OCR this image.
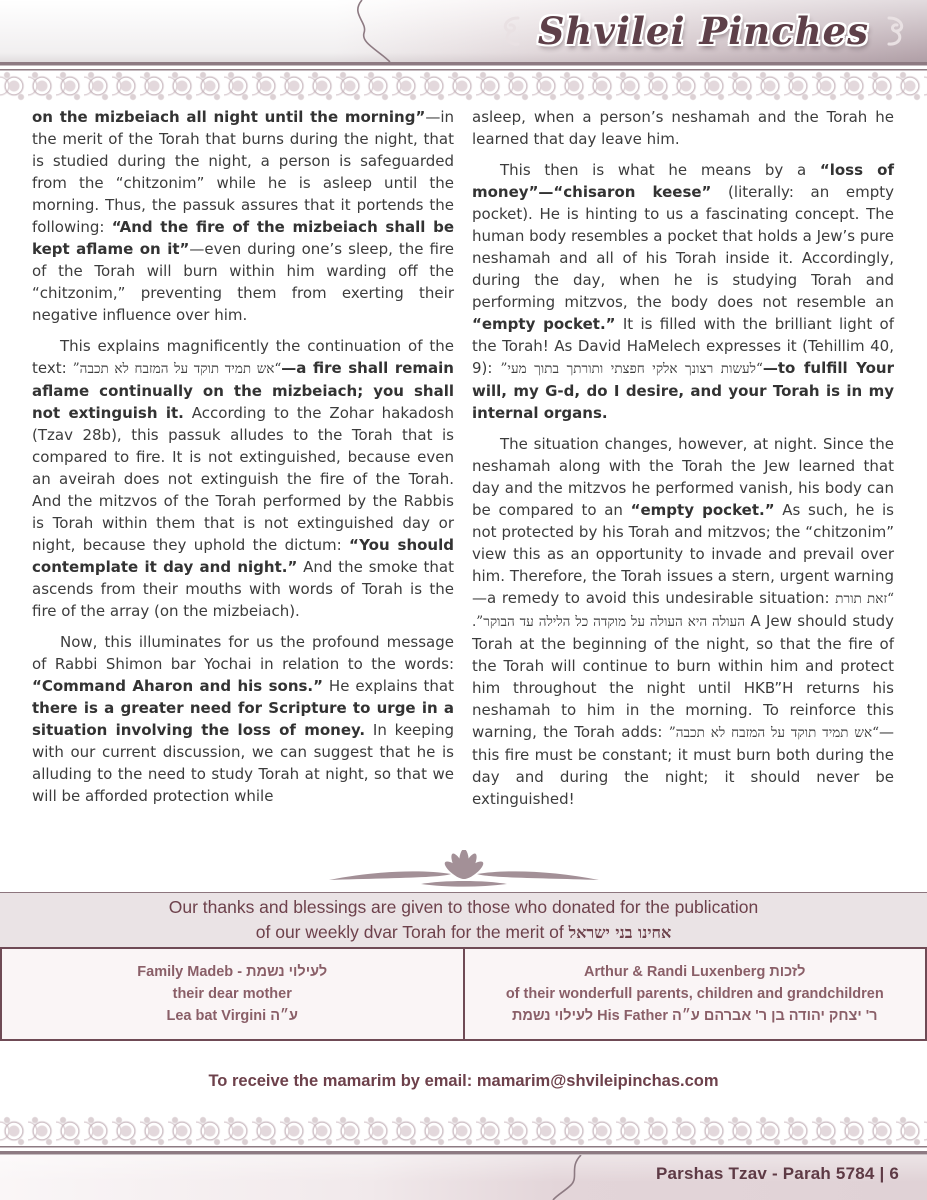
Shvilei Pinches

on the mizbeiach all night until the morning”—in the merit of the Torah that burns during the night, that is studied during the night, a person is safeguarded from the “chitzonim” while he is asleep until the morning. Thus, the passuk assures that it portends the following: “And the fire of the mizbeiach shall be kept aflame on it”—even during one’s sleep, the fire of the Torah will burn within him warding off the “chitzonim,” preventing them from exerting their negative influence over him.

This explains magnificently the continuation of the text: “אש תמיד תוקד על המזבח לא תכבה”—a fire shall remain aflame continually on the mizbeiach; you shall not extinguish it. According to the Zohar hakadosh (Tzav 28b), this passuk alludes to the Torah that is compared to fire. It is not extinguished, because even an aveirah does not extinguish the fire of the Torah. And the mitzvos of the Torah performed by the Rabbis is Torah within them that is not extinguished day or night, because they uphold the dictum: “You should contemplate it day and night.” And the smoke that ascends from their mouths with words of Torah is the fire of the array (on the mizbeiach).

Now, this illuminates for us the profound message of Rabbi Shimon bar Yochai in relation to the words: “Command Aharon and his sons.” He explains that there is a greater need for Scripture to urge in a situation involving the loss of money. In keeping with our current discussion, we can suggest that he is alluding to the need to study Torah at night, so that we will be afforded protection while

asleep, when a person’s neshamah and the Torah he learned that day leave him.

This then is what he means by a “loss of money”—“chisaron keese” (literally: an empty pocket). He is hinting to us a fascinating concept. The human body resembles a pocket that holds a Jew’s pure neshamah and all of his Torah inside it. Accordingly, during the day, when he is studying Torah and performing mitzvos, the body does not resemble an “empty pocket.” It is filled with the brilliant light of the Torah! As David HaMelech expresses it (Tehillim 40, 9): “לעשות רצונך אלקי חפצתי ותורתך בתוך מעי”—to fulfill Your will, my G-d, do I desire, and your Torah is in my internal organs.

The situation changes, however, at night. Since the neshamah along with the Torah the Jew learned that day and the mitzvos he performed vanish, his body can be compared to an “empty pocket.” As such, he is not protected by his Torah and mitzvos; the “chitzonim” view this as an opportunity to invade and prevail over him. Therefore, the Torah issues a stern, urgent warning—a remedy to avoid this undesirable situation: “זאת תורת העולה היא העולה על מוקדה כל הלילה עד הבוקר”. A Jew should study Torah at the beginning of the night, so that the fire of the Torah will continue to burn within him and protect him throughout the night until HKB”H returns his neshamah to him in the morning. To reinforce this warning, the Torah adds: “אש תמיד תוקד על המזבח לא תכבה”—this fire must be constant; it must burn both during the day and during the night; it should never be extinguished!

Our thanks and blessings are given to those who donated for the publication
of our weekly dvar Torah for the merit of אחינו בני ישראל
Family Madeb - לעילוי נשמת
their dear mother
Lea bat Virgini ע״ה
Arthur & Randi Luxenberg לזכות
of their wonderfull parents, children and grandchildren
לעילוי נשמת His Father ר' יצחק יהודה בן ר' אברהם ע״ה
To receive the mamarim by email: mamarim@shvileipinchas.com
Parshas Tzav - Parah 5784 | 6
